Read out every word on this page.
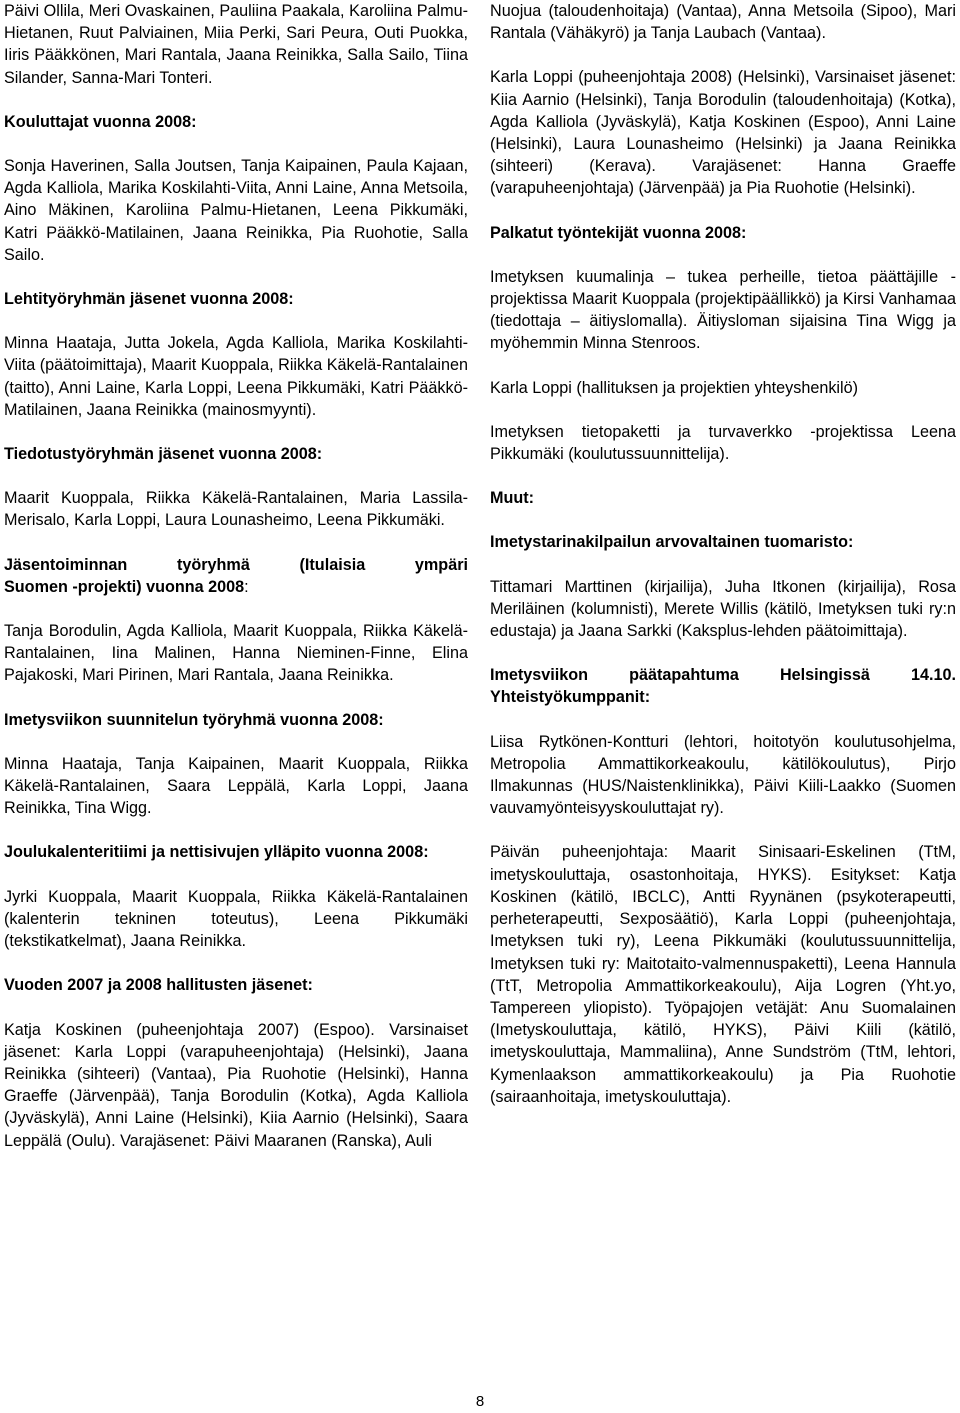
Päivi Ollila, Meri Ovaskainen, Pauliina Paakala, Karoliina Palmu-Hietanen, Ruut Palviainen, Miia Perki, Sari Peura, Outi Puokka, Iiris Pääkkönen, Mari Rantala, Jaana Reinikka, Salla Sailo, Tiina Silander, Sanna-Mari Tonteri.

Kouluttajat vuonna 2008:

Sonja Haverinen, Salla Joutsen, Tanja Kaipainen, Paula Kajaan, Agda Kalliola, Marika Koskilahti-Viita, Anni Laine, Anna Metsoila, Aino Mäkinen, Karoliina Palmu-Hietanen, Leena Pikkumäki, Katri Pääkkö-Matilainen, Jaana Reinikka, Pia Ruohotie, Salla Sailo.

Lehtityöryhmän jäsenet vuonna 2008:

Minna Haataja, Jutta Jokela, Agda Kalliola, Marika Koskilahti-Viita (päätoimittaja), Maarit Kuoppala, Riikka Käkelä-Rantalainen (taitto), Anni Laine, Karla Loppi, Leena Pikkumäki, Katri Pääkkö-Matilainen, Jaana Reinikka (mainosmyynti).

Tiedotustyöryhmän jäsenet vuonna 2008:

Maarit Kuoppala, Riikka Käkelä-Rantalainen, Maria Lassila-Merisalo, Karla Loppi, Laura Lounasheimo, Leena Pikkumäki.

Jäsentoiminnan työryhmä (Itulaisia ympäri

Suomen -projekti) vuonna 2008:

Tanja Borodulin, Agda Kalliola, Maarit Kuoppala, Riikka Käkelä-Rantalainen, Iina Malinen, Hanna Nieminen-Finne, Elina Pajakoski, Mari Pirinen, Mari Rantala, Jaana Reinikka.

Imetysviikon suunnitelun työryhmä vuonna 2008:

Minna Haataja, Tanja Kaipainen, Maarit Kuoppala, Riikka Käkelä-Rantalainen, Saara Leppälä, Karla Loppi, Jaana Reinikka, Tina Wigg.

Joulukalenteritiimi ja nettisivujen ylläpito vuonna 2008:

Jyrki Kuoppala, Maarit Kuoppala, Riikka Käkelä-Rantalainen (kalenterin tekninen toteutus), Leena Pikkumäki (tekstikatkelmat), Jaana Reinikka.

Vuoden 2007 ja 2008 hallitusten jäsenet:

Katja Koskinen (puheenjohtaja 2007) (Espoo). Varsinaiset jäsenet: Karla Loppi (varapuheenjohtaja) (Helsinki), Jaana Reinikka (sihteeri) (Vantaa), Pia Ruohotie (Helsinki), Hanna Graeffe (Järvenpää), Tanja Borodulin (Kotka), Agda Kalliola (Jyväskylä), Anni Laine (Helsinki), Kiia Aarnio (Helsinki), Saara Leppälä (Oulu). Varajäsenet: Päivi Maaranen (Ranska), Auli

Nuojua (taloudenhoitaja) (Vantaa), Anna Metsoila (Sipoo), Mari Rantala (Vähäkyrö) ja Tanja Laubach (Vantaa).

Karla Loppi (puheenjohtaja 2008) (Helsinki), Varsinaiset jäsenet: Kiia Aarnio (Helsinki), Tanja Borodulin (taloudenhoitaja) (Kotka), Agda Kalliola (Jyväskylä), Katja Koskinen (Espoo), Anni Laine (Helsinki), Laura Lounasheimo (Helsinki) ja Jaana Reinikka (sihteeri) (Kerava). Varajäsenet: Hanna Graeffe (varapuheenjohtaja) (Järvenpää) ja Pia Ruohotie (Helsinki).

Palkatut työntekijät vuonna 2008:

Imetyksen kuumalinja – tukea perheille, tietoa päättäjille -projektissa Maarit Kuoppala (projektipäällikkö) ja Kirsi Vanhamaa (tiedottaja – äitiyslomalla). Äitiysloman sijaisina Tina Wigg ja myöhemmin Minna Stenroos.

Karla Loppi (hallituksen ja projektien yhteyshenkilö)

Imetyksen tietopaketti ja turvaverkko -projektissa Leena Pikkumäki (koulutussuunnittelija).

Muut:

Imetystarinakilpailun arvovaltainen tuomaristo:

Tittamari Marttinen (kirjailija), Juha Itkonen (kirjailija), Rosa Meriläinen (kolumnisti), Merete Willis (kätilö, Imetyksen tuki ry:n edustaja) ja Jaana Sarkki (Kaksplus-lehden päätoimittaja).

Imetysviikon päätapahtuma Helsingissä 14.10. Yhteistyökumppanit:

Liisa Rytkönen-Kontturi (lehtori, hoitotyön koulutusohjelma, Metropolia Ammattikorkeakoulu, kätilökoulutus), Pirjo Ilmakunnas (HUS/Naistenklinikka), Päivi Kiili-Laakko (Suomen vauvamyönteisyyskouluttajat ry).

Päivän puheenjohtaja: Maarit Sinisaari-Eskelinen (TtM, imetyskouluttaja, osastonhoitaja, HYKS). Esitykset: Katja Koskinen (kätilö, IBCLC), Antti Ryynänen (psykoterapeutti, perheterapeutti, Sexposäätiö), Karla Loppi (puheenjohtaja, Imetyksen tuki ry), Leena Pikkumäki (koulutussuunnittelija, Imetyksen tuki ry: Maitotaito-valmennuspaketti), Leena Hannula (TtT, Metropolia Ammattikorkeakoulu), Aija Logren (Yht.yo, Tampereen yliopisto). Työpajojen vetäjät: Anu Suomalainen (Imetyskouluttaja, kätilö, HYKS), Päivi Kiili (kätilö, imetyskouluttaja, Mammaliina), Anne Sundström (TtM, lehtori, Kymenlaakson ammattikorkeakoulu) ja Pia Ruohotie (sairaanhoitaja, imetyskouluttaja).

8
